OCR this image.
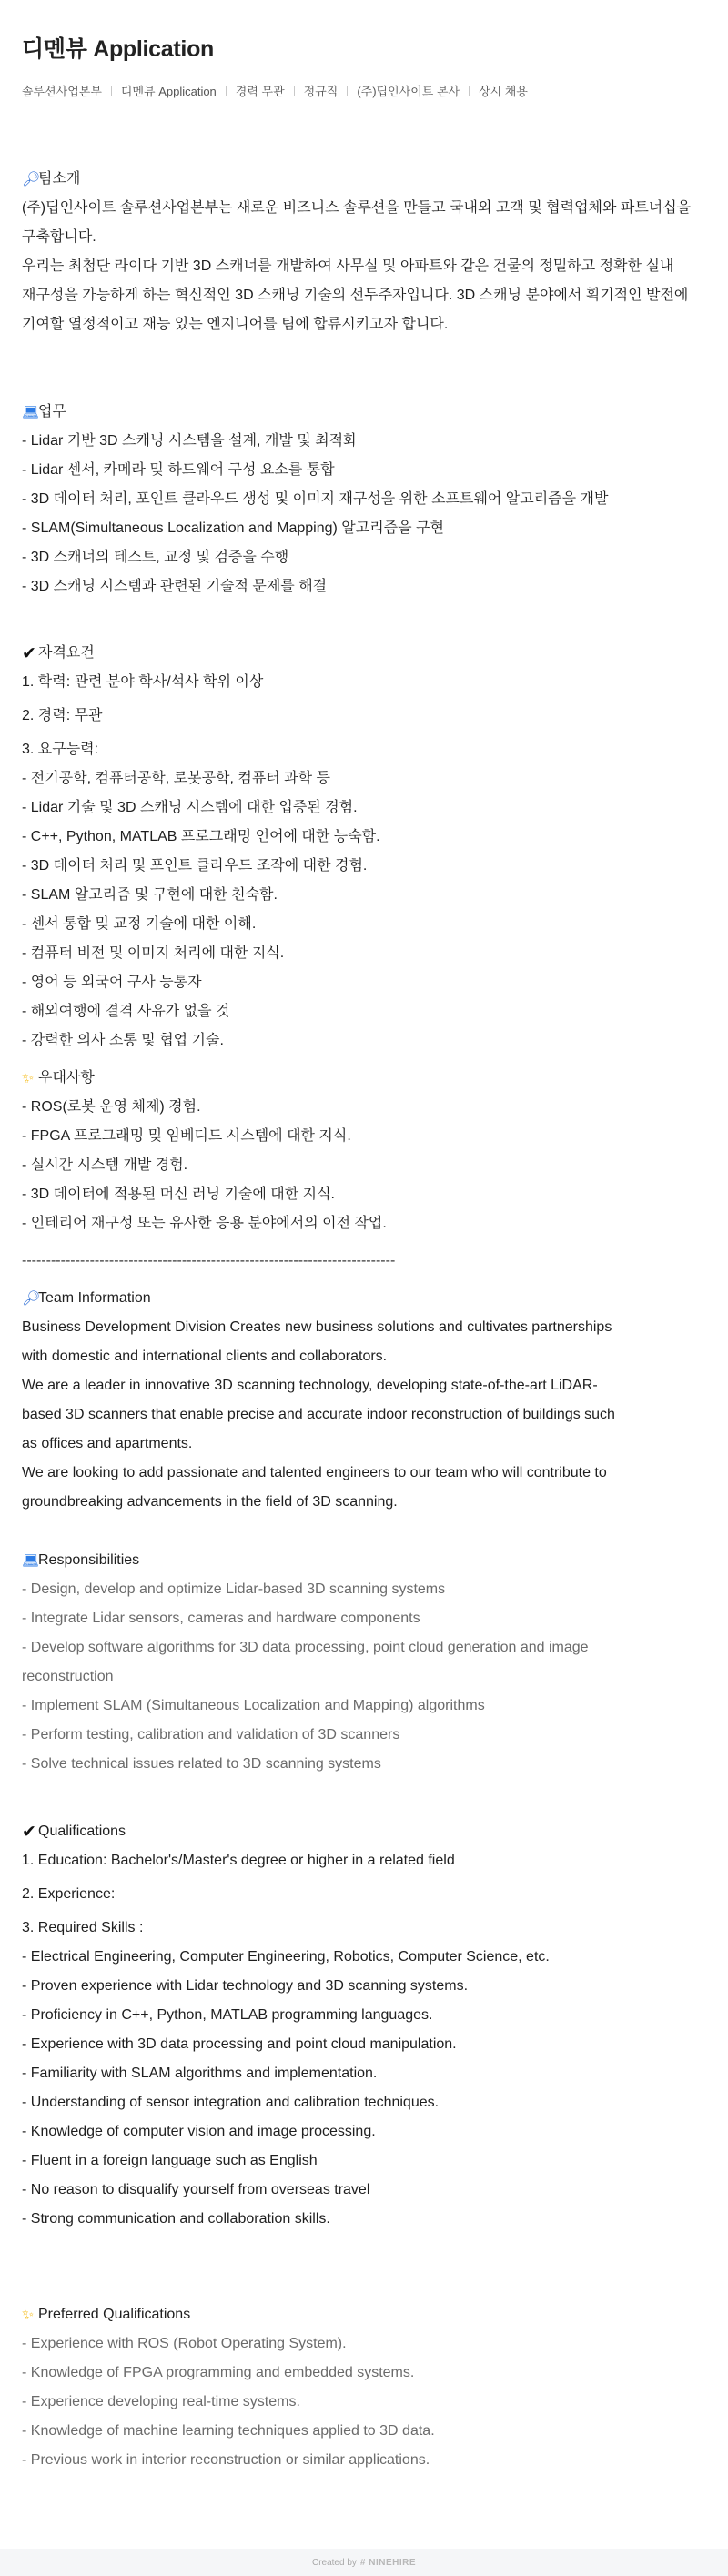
디멘뷰 Application
솔루션사업본부 디멘뷰 Application 경력 무관 정규직 (주)딥인사이트 본사 상시 채용
🔎︎
팀소개
(주)딥인사이트 솔루션사업본부는 새로운 비즈니스 솔루션을 만들고 국내외 고객 및 협력업체와 파트너십을
구축합니다.
우리는 최첨단 라이다 기반 3D 스캐너를 개발하여 사무실 및 아파트와 같은 건물의 정밀하고 정확한 실내
재구성을 가능하게 하는 혁신적인 3D 스캐닝 기술의 선두주자입니다. 3D 스캐닝 분야에서 획기적인 발전에
기여할 열정적이고 재능 있는 엔지니어를 팀에 합류시키고자 합니다.
💻︎
업무
- Lidar 기반 3D 스캐닝 시스템을 설계, 개발 및 최적화
- Lidar 센서, 카메라 및 하드웨어 구성 요소를 통합
- 3D 데이터 처리, 포인트 클라우드 생성 및 이미지 재구성을 위한 소프트웨어 알고리즘을 개발
- SLAM(Simultaneous Localization and Mapping) 알고리즘을 구현
- 3D 스캐너의 테스트, 교정 및 검증을 수행
- 3D 스캐닝 시스템과 관련된 기술적 문제를 해결
✔︎ 자격요건
1. 학력: 관련 분야 학사/석사 학위 이상
2. 경력: 무관
3. 요구능력:
- 전기공학, 컴퓨터공학, 로봇공학, 컴퓨터 과학 등
- Lidar 기술 및 3D 스캐닝 시스템에 대한 입증된 경험.
- C++, Python, MATLAB 프로그래밍 언어에 대한 능숙함.
- 3D 데이터 처리 및 포인트 클라우드 조작에 대한 경험.
- SLAM 알고리즘 및 구현에 대한 친숙함.
- 센서 통합 및 교정 기술에 대한 이해.
- 컴퓨터 비전 및 이미지 처리에 대한 지식.
- 영어 등 외국어 구사 능통자
- 해외여행에 결격 사유가 없을 것
- 강력한 의사 소통 및 협업 기술.
✨︎ 우대사항
- ROS(로봇 운영 체제) 경험.
- FPGA 프로그래밍 및 임베디드 시스템에 대한 지식.
- 실시간 시스템 개발 경험.
- 3D 데이터에 적용된 머신 러닝 기술에 대한 지식.
- 인테리어 재구성 또는 유사한 응용 분야에서의 이전 작업.
-----------------------------------------------------------------------------
🔎︎
Team Information
Business Development Division Creates new business solutions and cultivates partnerships
with domestic and international clients and collaborators.
We are a leader in innovative 3D scanning technology, developing state-of-the-art LiDAR-
based 3D scanners that enable precise and accurate indoor reconstruction of buildings such
as offices and apartments.
We are looking to add passionate and talented engineers to our team who will contribute to
groundbreaking advancements in the field of 3D scanning.
💻︎
Responsibilities
- Design, develop and optimize Lidar-based 3D scanning systems
- Integrate Lidar sensors, cameras and hardware components
- Develop software algorithms for 3D data processing, point cloud generation and image
reconstruction
- Implement SLAM (Simultaneous Localization and Mapping) algorithms
- Perform testing, calibration and validation of 3D scanners
- Solve technical issues related to 3D scanning systems
✔︎ Qualifications
1. Education: Bachelor's/Master's degree or higher in a related field
2. Experience:
3. Required Skills :
- Electrical Engineering, Computer Engineering, Robotics, Computer Science, etc.
- Proven experience with Lidar technology and 3D scanning systems.
- Proficiency in C++, Python, MATLAB programming languages.
- Experience with 3D data processing and point cloud manipulation.
- Familiarity with SLAM algorithms and implementation.
- Understanding of sensor integration and calibration techniques.
- Knowledge of computer vision and image processing.
- Fluent in a foreign language such as English
- No reason to disqualify yourself from overseas travel
- Strong communication and collaboration skills.
✨︎ Preferred Qualifications
- Experience with ROS (Robot Operating System).
- Knowledge of FPGA programming and embedded systems.
- Experience developing real-time systems.
- Knowledge of machine learning techniques applied to 3D data.
- Previous work in interior reconstruction or similar applications.
Created by # NINEHIRE
